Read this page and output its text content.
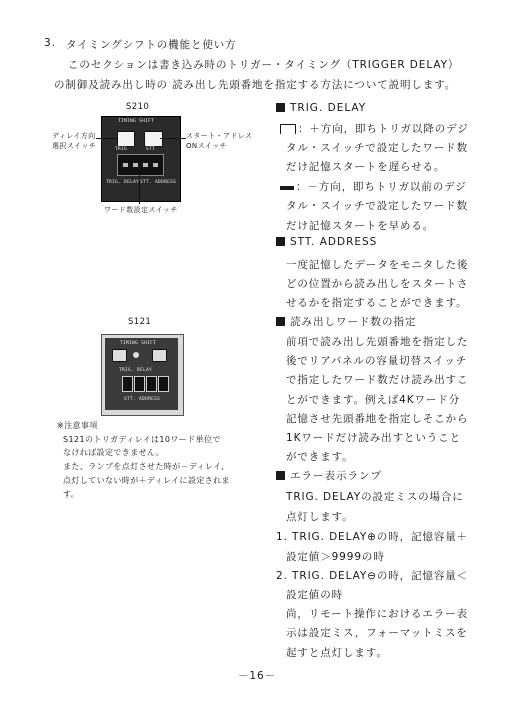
3. タイミングシフトの機能と使い方
このセクションは書き込み時のトリガー・タイミング（TRIGGER DELAY）
の制御及読み出し時の 読み出し先頭番地を指定する方法について説明します。
S210
TIMING SHIFT
TRIG	STT
TRIG. DELAY STT. ADDRESS
ディレイ方向
選択スイッチ
スタート・アドレス
ONスイッチ
ワード数設定スイッチ
S121
TIMING SHIFT
TRIG. DELAY
STT. ADDRESS
※注意事項
S121のトリガディレイは10ワード単位で
なければ設定できません。
また、ランプを点灯させた時が－ディレイ、
点灯していない時が＋ディレイに設定されま
す。
TRIG. DELAY
：＋方向，即ちトリガ以降のデジ
タル・スイッチで設定したワード数
だけ記憶スタートを遅らせる。
：－方向，即ちトリガ以前のデジ
タル・スイッチで設定したワード数
だけ記憶スタートを早める。
STT. ADDRESS
一度記憶したデータをモニタした後
どの位置から読み出しをスタートさ
せるかを指定することができます。
読み出しワード数の指定
前項で読み出し先頭番地を指定した
後でリアパネルの容量切替スイッチ
で指定したワード数だけ読み出すこ
とができます。例えば4Kワード分
記憶させ先頭番地を指定しそこから
1Kワードだけ読み出すということ
ができます。
エラー表示ランプ
TRIG. DELAYの設定ミスの場合に
点灯します。
1. TRIG. DELAY⊕の時，記憶容量＋
設定値＞9999の時
2. TRIG. DELAY⊖の時，記憶容量＜
設定値の時
尚，リモート操作におけるエラー表
示は設定ミス，フォーマットミスを
起すと点灯します。
－16－
